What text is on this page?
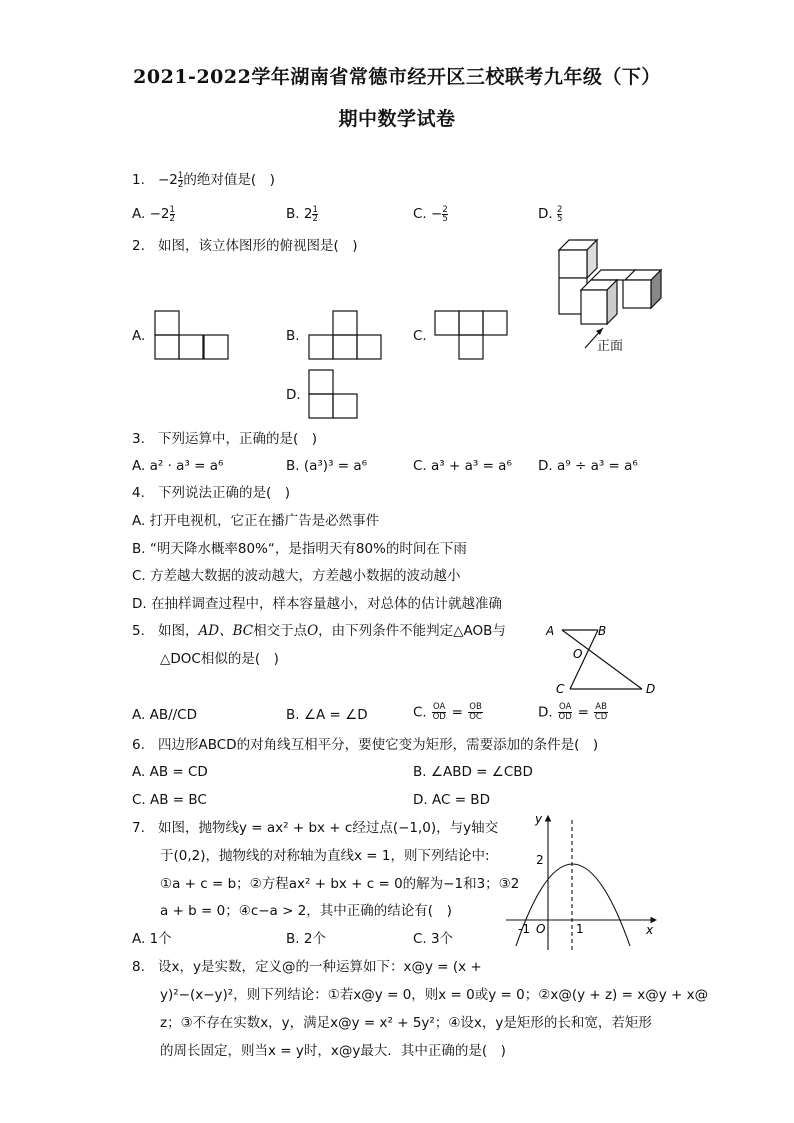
2021-2022学年湖南省常德市经开区三校联考九年级（下）
期中数学试卷
1. $-2 \frac{1}{2}$ 的绝对值是(　)
A. $-2 \frac{1}{2}$	B. $2 \frac{1}{2}$	C. − $\frac{2}{5}$	D. $\frac{2}{5}$
2. 如图，该立体图形的俯视图是(　)
正面
A.	B.	C.
D.
3. 下列运算中，正确的是(　)
A. a² · a³ = a⁶	B. (a³)³ = a⁶	C. a³ + a³ = a⁶ D. a⁹ ÷ a³ = a⁶
4. 下列说法正确的是(　)
A. 打开电视机，它正在播广告是必然事件
B. “明天降水概率80%“，是指明天有80%的时间在下雨
C. 方差越大数据的波动越大，方差越小数据的波动越小
D. 在抽样调查过程中，样本容量越小，对总体的估计就越准确
5. 如图，AD、BC相交于点O，由下列条件不能判定△AOB与
△DOC相似的是(　)
A	B
O
C	D
A. AB//CD	B. ∠A = ∠D	C. $\frac{OA}{OD} = \frac{OB}{OC}$	D. $\frac{OA}{OD} = \frac{AB}{CD}$
6. 四边形ABCD的对角线互相平分，要使它变为矩形，需要添加的条件是(　)
A. AB = CD	B. ∠ABD = ∠CBD
C. AB = BC	D. AC = BD
7. 如图，抛物线y = ax² + bx + c经过点(−1,0)，与y轴交
于(0,2)，抛物线的对称轴为直线x = 1，则下列结论中:
①a + c = b；②方程ax² + bx + c = 0的解为−1和3；③2
a + b = 0；④c−a > 2，其中正确的结论有(　)
y
x
2
-1 O	1
A. 1个	B. 2个	C. 3个
8. 设x，y是实数，定义@的一种运算如下：x@y = (x +
y)²−(x−y)²，则下列结论：①若x@y = 0，则x = 0或y = 0；②x@(y + z) = x@y + x@
z；③不存在实数x，y，满足x@y = x² + 5y²；④设x，y是矩形的长和宽，若矩形
的周长固定，则当x = y时，x@y最大．其中正确的是(　)
